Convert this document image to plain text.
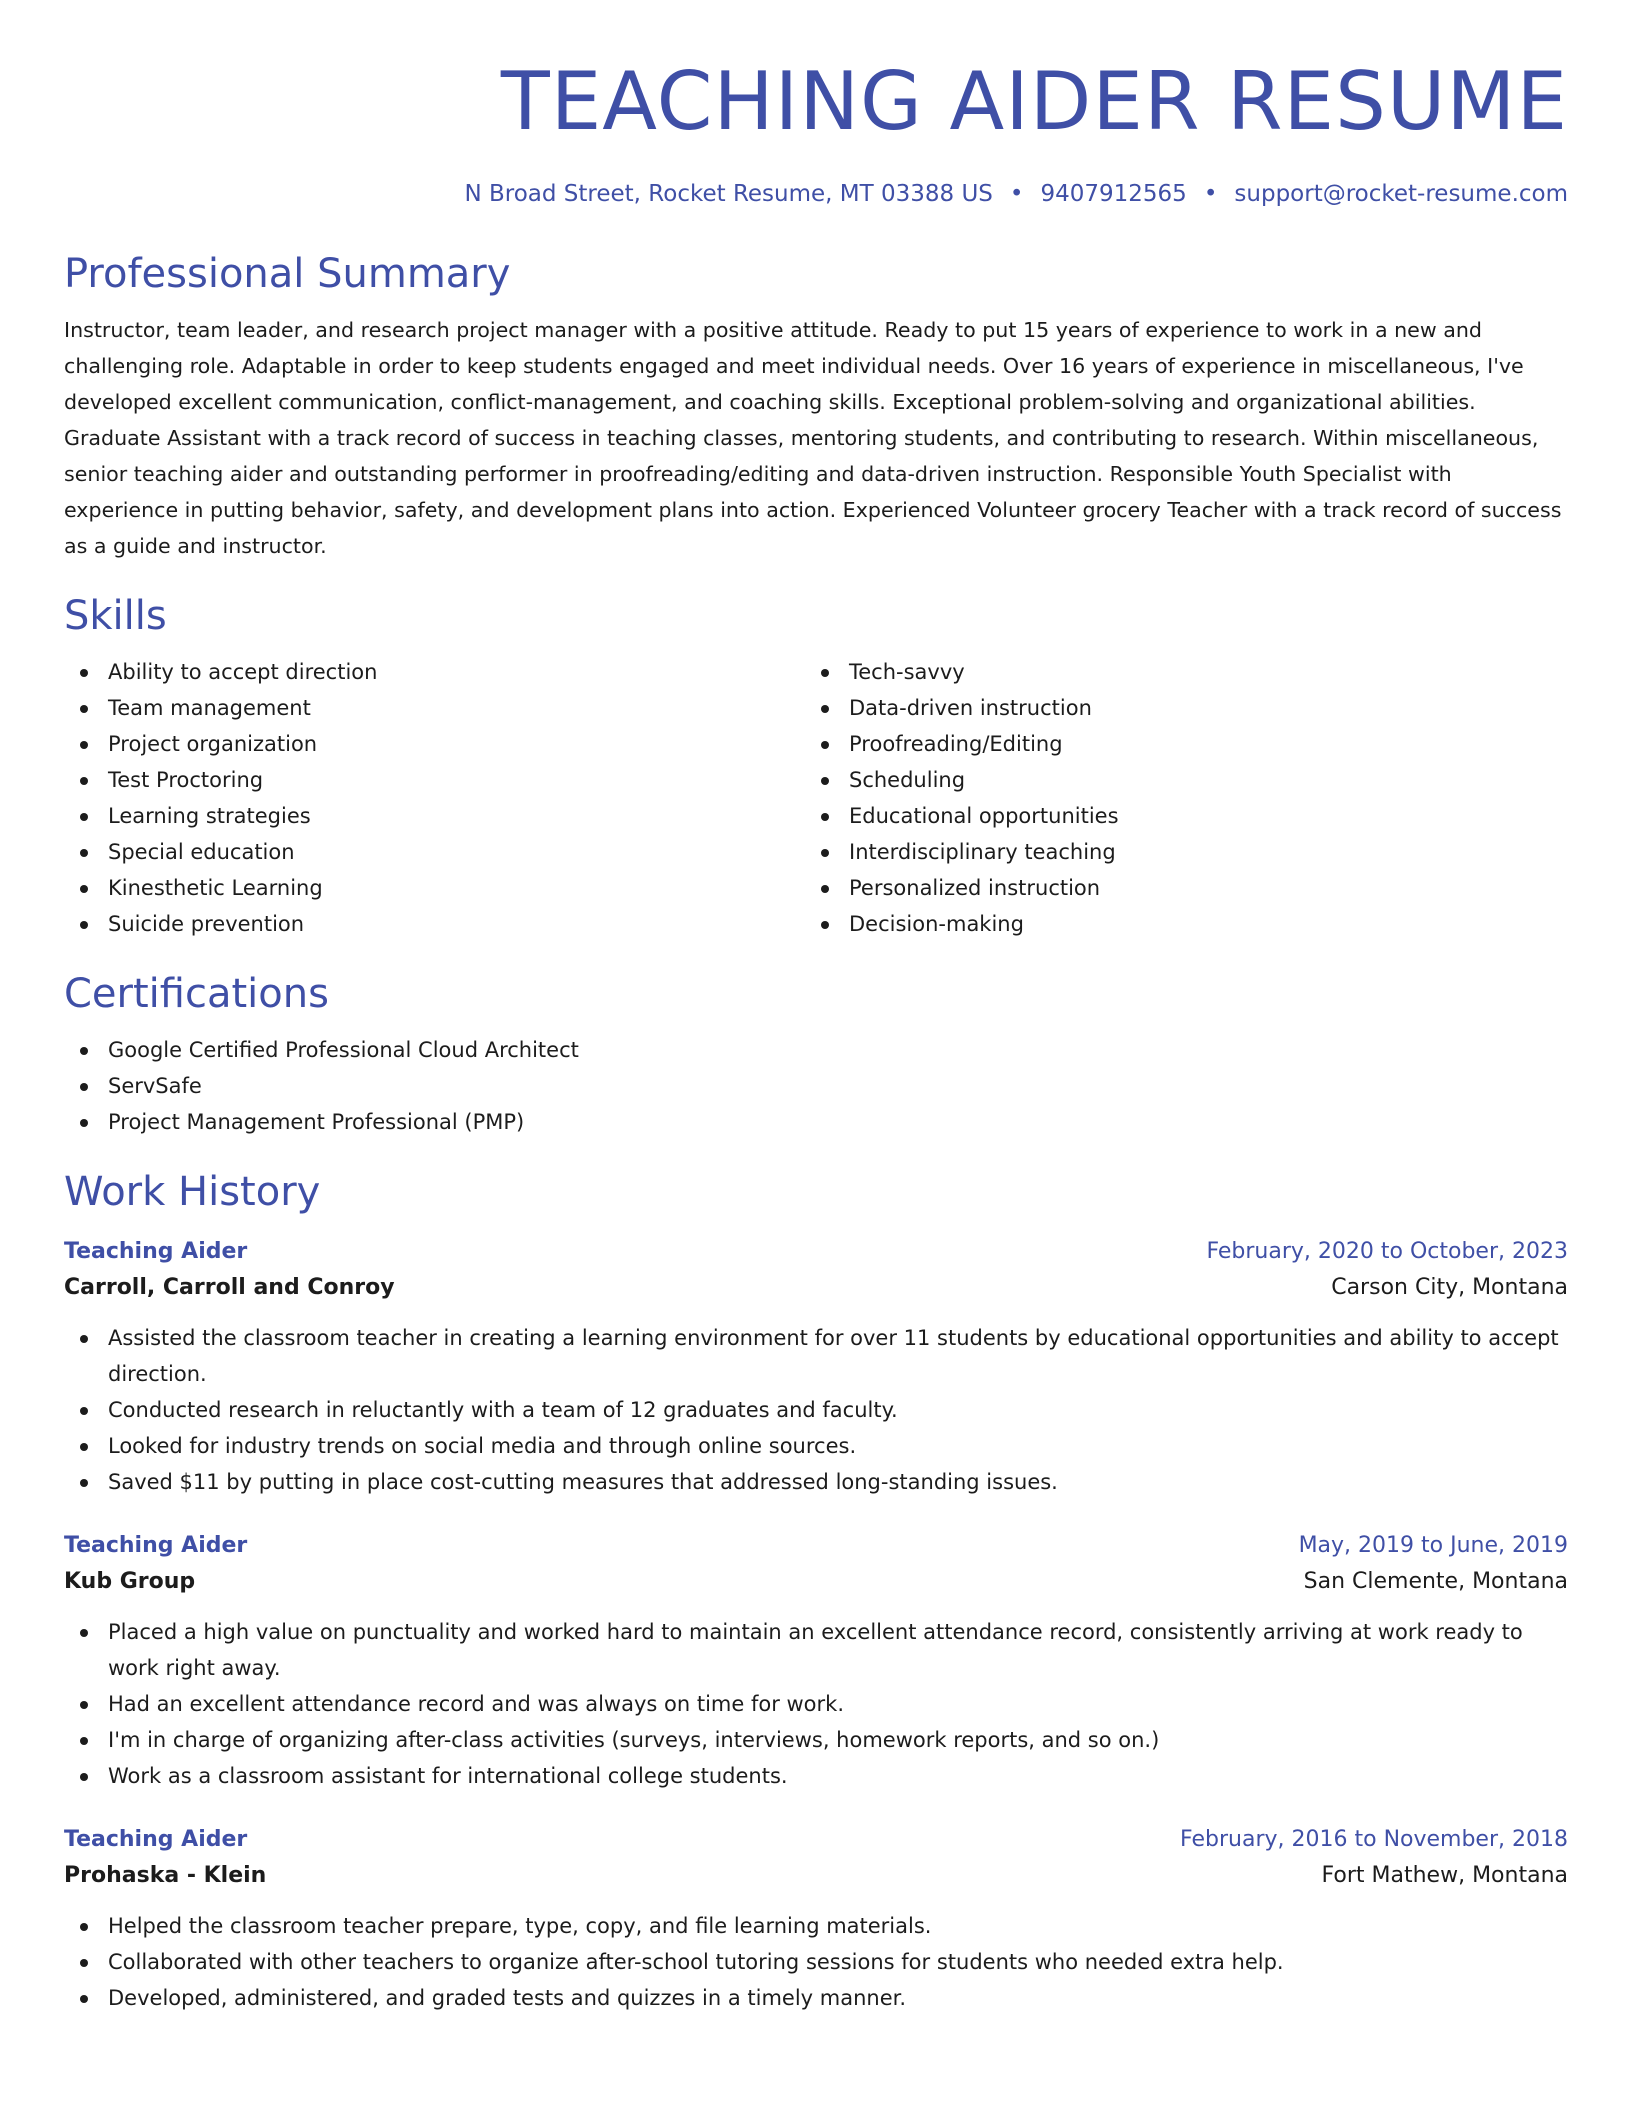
TEACHING AIDER RESUME
N Broad Street, Rocket Resume, MT 03388 US • 9407912565 • support@rocket-resume.com
Professional Summary

Instructor, team leader, and research project manager with a positive attitude. Ready to put 15 years of experience to work in a new and challenging role. Adaptable in order to keep students engaged and meet individual needs. Over 16 years of experience in miscellaneous, I've developed excellent communication, conflict-management, and coaching skills. Exceptional problem-solving and organizational abilities. Graduate Assistant with a track record of success in teaching classes, mentoring students, and contributing to research. Within miscellaneous, senior teaching aider and outstanding performer in proofreading/editing and data-driven instruction. Responsible Youth Specialist with experience in putting behavior, safety, and development plans into action. Experienced Volunteer grocery Teacher with a track record of success as a guide and instructor.

Skills
Ability to accept direction
Team management
Project organization
Test Proctoring
Learning strategies
Special education
Kinesthetic Learning
Suicide prevention
Tech-savvy
Data-driven instruction
Proofreading/Editing
Scheduling
Educational opportunities
Interdisciplinary teaching
Personalized instruction
Decision-making
Certifications
Google Certified Professional Cloud Architect
ServSafe
Project Management Professional (PMP)
Work History
Teaching Aider	February, 2020 to October, 2023
Carroll, Carroll and Conroy	Carson City, Montana
Assisted the classroom teacher in creating a learning environment for over 11 students by educational opportunities and ability to accept direction.
Conducted research in reluctantly with a team of 12 graduates and faculty.
Looked for industry trends on social media and through online sources.
Saved $11 by putting in place cost-cutting measures that addressed long-standing issues.
Teaching Aider	May, 2019 to June, 2019
Kub Group	San Clemente, Montana
Placed a high value on punctuality and worked hard to maintain an excellent attendance record, consistently arriving at work ready to work right away.
Had an excellent attendance record and was always on time for work.
I'm in charge of organizing after-class activities (surveys, interviews, homework reports, and so on.)
Work as a classroom assistant for international college students.
Teaching Aider	February, 2016 to November, 2018
Prohaska - Klein	Fort Mathew, Montana
Helped the classroom teacher prepare, type, copy, and file learning materials.
Collaborated with other teachers to organize after-school tutoring sessions for students who needed extra help.
Developed, administered, and graded tests and quizzes in a timely manner.
